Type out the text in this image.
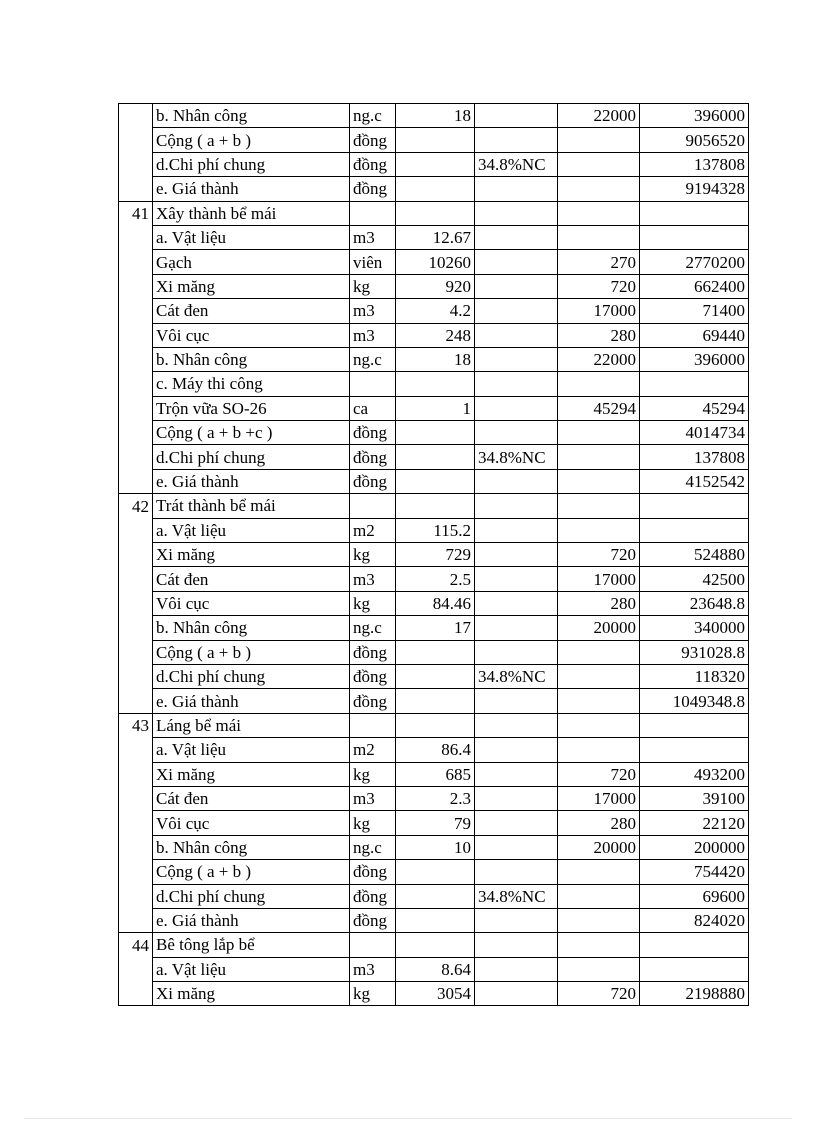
	b. Nhân công	ng.c	18		22000	396000
	Cộng ( a + b )	đồng				9056520
	d.Chi phí chung	đồng		34.8%NC		137808
	e. Giá thành	đồng				9194328
41	Xây thành bể mái					
	a. Vật liệu	m3	12.67			
	Gạch	viên	10260		270	2770200
	Xi măng	kg	920		720	662400
	Cát đen	m3	4.2		17000	71400
	Vôi cục	m3	248		280	69440
	b. Nhân công	ng.c	18		22000	396000
	c. Máy thi công					
	Trộn vữa SO-26	ca	1		45294	45294
	Cộng ( a + b +c )	đồng				4014734
	d.Chi phí chung	đồng		34.8%NC		137808
	e. Giá thành	đồng				4152542
42	Trát thành bể mái					
	a. Vật liệu	m2	115.2			
	Xi măng	kg	729		720	524880
	Cát đen	m3	2.5		17000	42500
	Vôi cục	kg	84.46		280	23648.8
	b. Nhân công	ng.c	17		20000	340000
	Cộng ( a + b )	đồng				931028.8
	d.Chi phí chung	đồng		34.8%NC		118320
	e. Giá thành	đồng				1049348.8
43	Láng bể mái					
	a. Vật liệu	m2	86.4			
	Xi măng	kg	685		720	493200
	Cát đen	m3	2.3		17000	39100
	Vôi cục	kg	79		280	22120
	b. Nhân công	ng.c	10		20000	200000
	Cộng ( a + b )	đồng				754420
	d.Chi phí chung	đồng		34.8%NC		69600
	e. Giá thành	đồng				824020
44	Bê tông lắp bể					
	a. Vật liệu	m3	8.64			
	Xi măng	kg	3054		720	2198880
